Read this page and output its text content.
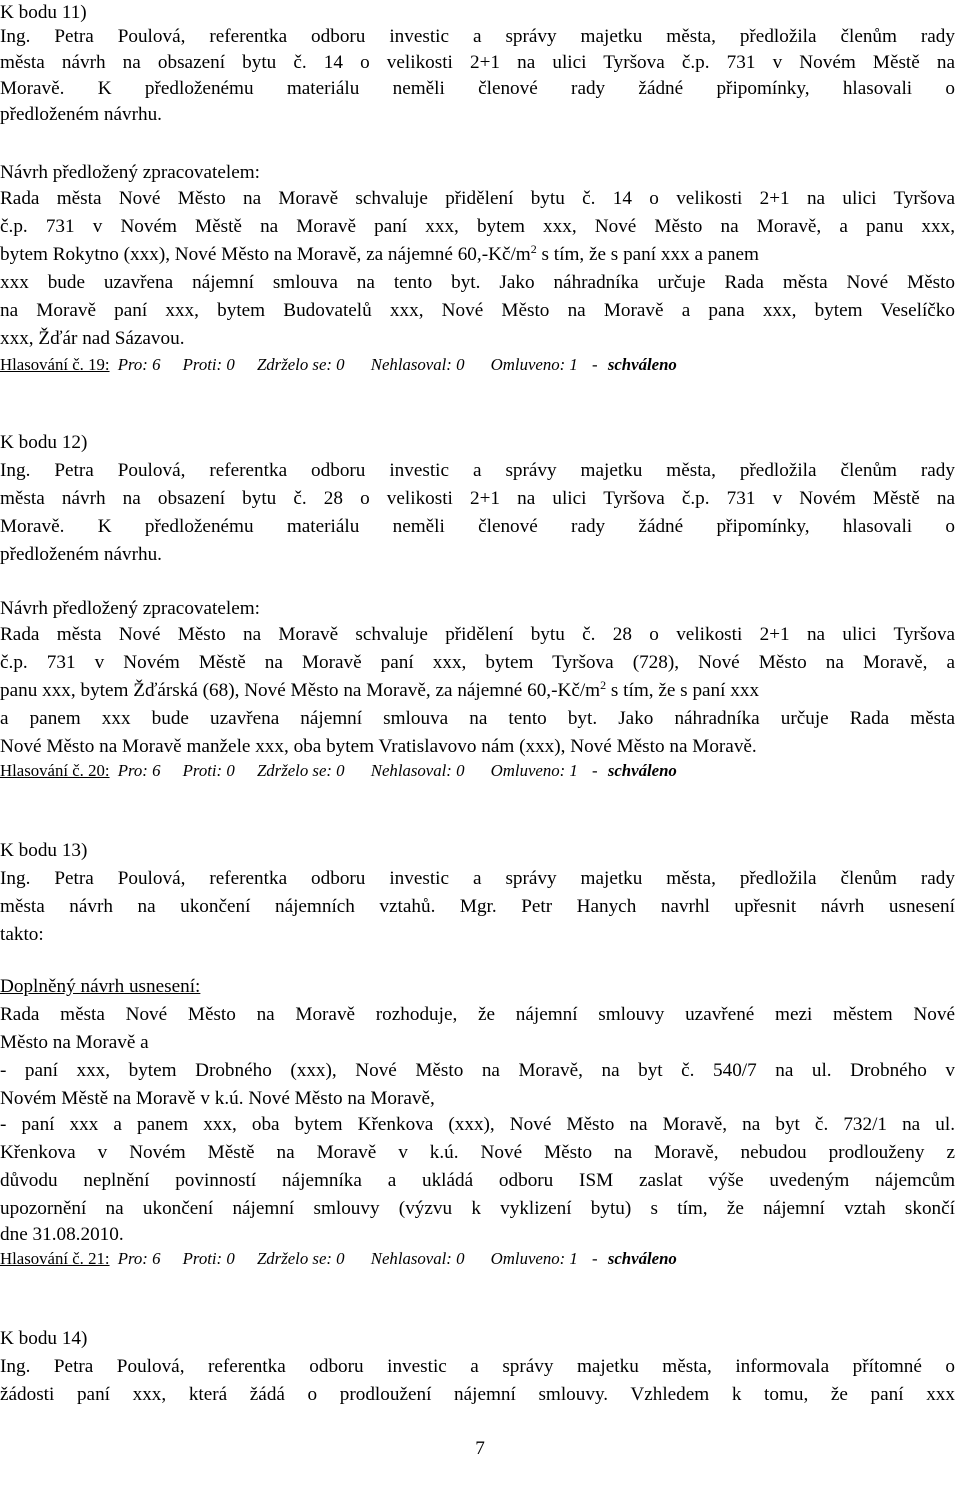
K bodu 11)
Ing. Petra Poulová, referentka odboru investic a správy majetku města, předložila členům rady
města návrh na obsazení bytu č. 14 o velikosti 2+1 na ulici Tyršova č.p. 731 v Novém Městě na
Moravě. K předloženému materiálu neměli členové rady žádné připomínky, hlasovali o
předloženém návrhu.
Návrh předložený zpracovatelem:
Rada města Nové Město na Moravě schvaluje přidělení bytu č. 14 o velikosti 2+1 na ulici Tyršova
č.p. 731 v Novém Městě na Moravě paní xxx, bytem xxx, Nové Město na Moravě, a panu xxx,
bytem Rokytno (xxx), Nové Město na Moravě, za nájemné $60,-Kč/m^2$ s tím, že s paní xxx a panem
xxx bude uzavřena nájemní smlouva na tento byt. Jako náhradníka určuje Rada města Nové Město
na Moravě paní xxx, bytem Budovatelů xxx, Nové Město na Moravě a pana xxx, bytem Veselíčko
xxx, Žďár nad Sázavou.
Hlasování č. 19: Pro: 6 Proti: 0 Zdrželo se: 0 Nehlasoval: 0 Omluveno: 1 - schváleno
K bodu 12)
Ing. Petra Poulová, referentka odboru investic a správy majetku města, předložila členům rady
města návrh na obsazení bytu č. 28 o velikosti 2+1 na ulici Tyršova č.p. 731 v Novém Městě na
Moravě. K předloženému materiálu neměli členové rady žádné připomínky, hlasovali o
předloženém návrhu.
Návrh předložený zpracovatelem:
Rada města Nové Město na Moravě schvaluje přidělení bytu č. 28 o velikosti 2+1 na ulici Tyršova
č.p. 731 v Novém Městě na Moravě paní xxx, bytem Tyršova (728), Nové Město na Moravě, a
panu xxx, bytem Žďárská (68), Nové Město na Moravě, za nájemné $60,-Kč/m^2$ s tím, že s paní xxx
a panem xxx bude uzavřena nájemní smlouva na tento byt. Jako náhradníka určuje Rada města
Nové Město na Moravě manžele xxx, oba bytem Vratislavovo nám (xxx), Nové Město na Moravě.
Hlasování č. 20: Pro: 6 Proti: 0 Zdrželo se: 0 Nehlasoval: 0 Omluveno: 1 - schváleno
K bodu 13)
Ing. Petra Poulová, referentka odboru investic a správy majetku města, předložila členům rady
města návrh na ukončení nájemních vztahů. Mgr. Petr Hanych navrhl upřesnit návrh usnesení
takto:
Doplněný návrh usnesení:
Rada města Nové Město na Moravě rozhoduje, že nájemní smlouvy uzavřené mezi městem Nové
Město na Moravě a
- paní xxx, bytem Drobného (xxx), Nové Město na Moravě, na byt č. 540/7 na ul. Drobného v
Novém Městě na Moravě v k.ú. Nové Město na Moravě,
- paní xxx a panem xxx, oba bytem Křenkova (xxx), Nové Město na Moravě, na byt č. 732/1 na ul.
Křenkova v Novém Městě na Moravě v k.ú. Nové Město na Moravě, nebudou prodlouženy z
důvodu neplnění povinností nájemníka a ukládá odboru ISM zaslat výše uvedeným nájemcům
upozornění na ukončení nájemní smlouvy (výzvu k vyklizení bytu) s tím, že nájemní vztah skončí
dne 31.08.2010.
Hlasování č. 21: Pro: 6 Proti: 0 Zdrželo se: 0 Nehlasoval: 0 Omluveno: 1 - schváleno
K bodu 14)
Ing. Petra Poulová, referentka odboru investic a správy majetku města, informovala přítomné o
žádosti paní xxx, která žádá o prodloužení nájemní smlouvy. Vzhledem k tomu, že paní xxx
7
